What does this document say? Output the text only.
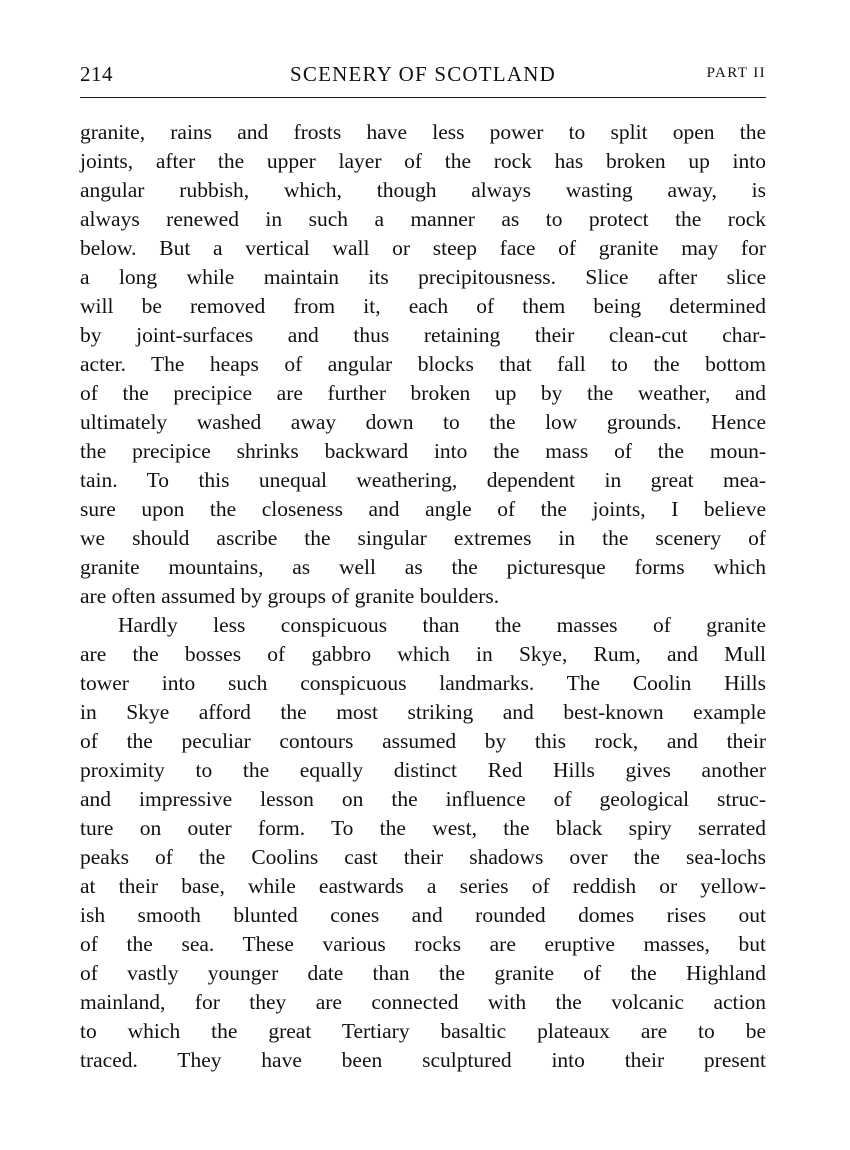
214	SCENERY OF SCOTLAND	PART II
granite, rains and frosts have less power to split open the
joints, after the upper layer of the rock has broken up into
angular rubbish, which, though always wasting away, is
always renewed in such a manner as to protect the rock
below. But a vertical wall or steep face of granite may for
a long while maintain its precipitousness. Slice after slice
will be removed from it, each of them being determined
by joint-surfaces and thus retaining their clean-cut char-
acter. The heaps of angular blocks that fall to the bottom
of the precipice are further broken up by the weather, and
ultimately washed away down to the low grounds. Hence
the precipice shrinks backward into the mass of the moun-
tain. To this unequal weathering, dependent in great mea-
sure upon the closeness and angle of the joints, I believe
we should ascribe the singular extremes in the scenery of
granite mountains, as well as the picturesque forms which
are often assumed by groups of granite boulders.
Hardly less conspicuous than the masses of granite
are the bosses of gabbro which in Skye, Rum, and Mull
tower into such conspicuous landmarks. The Coolin Hills
in Skye afford the most striking and best-known example
of the peculiar contours assumed by this rock, and their
proximity to the equally distinct Red Hills gives another
and impressive lesson on the influence of geological struc-
ture on outer form. To the west, the black spiry serrated
peaks of the Coolins cast their shadows over the sea-lochs
at their base, while eastwards a series of reddish or yellow-
ish smooth blunted cones and rounded domes rises out
of the sea. These various rocks are eruptive masses, but
of vastly younger date than the granite of the Highland
mainland, for they are connected with the volcanic action
to which the great Tertiary basaltic plateaux are to be
traced. They have been sculptured into their present
